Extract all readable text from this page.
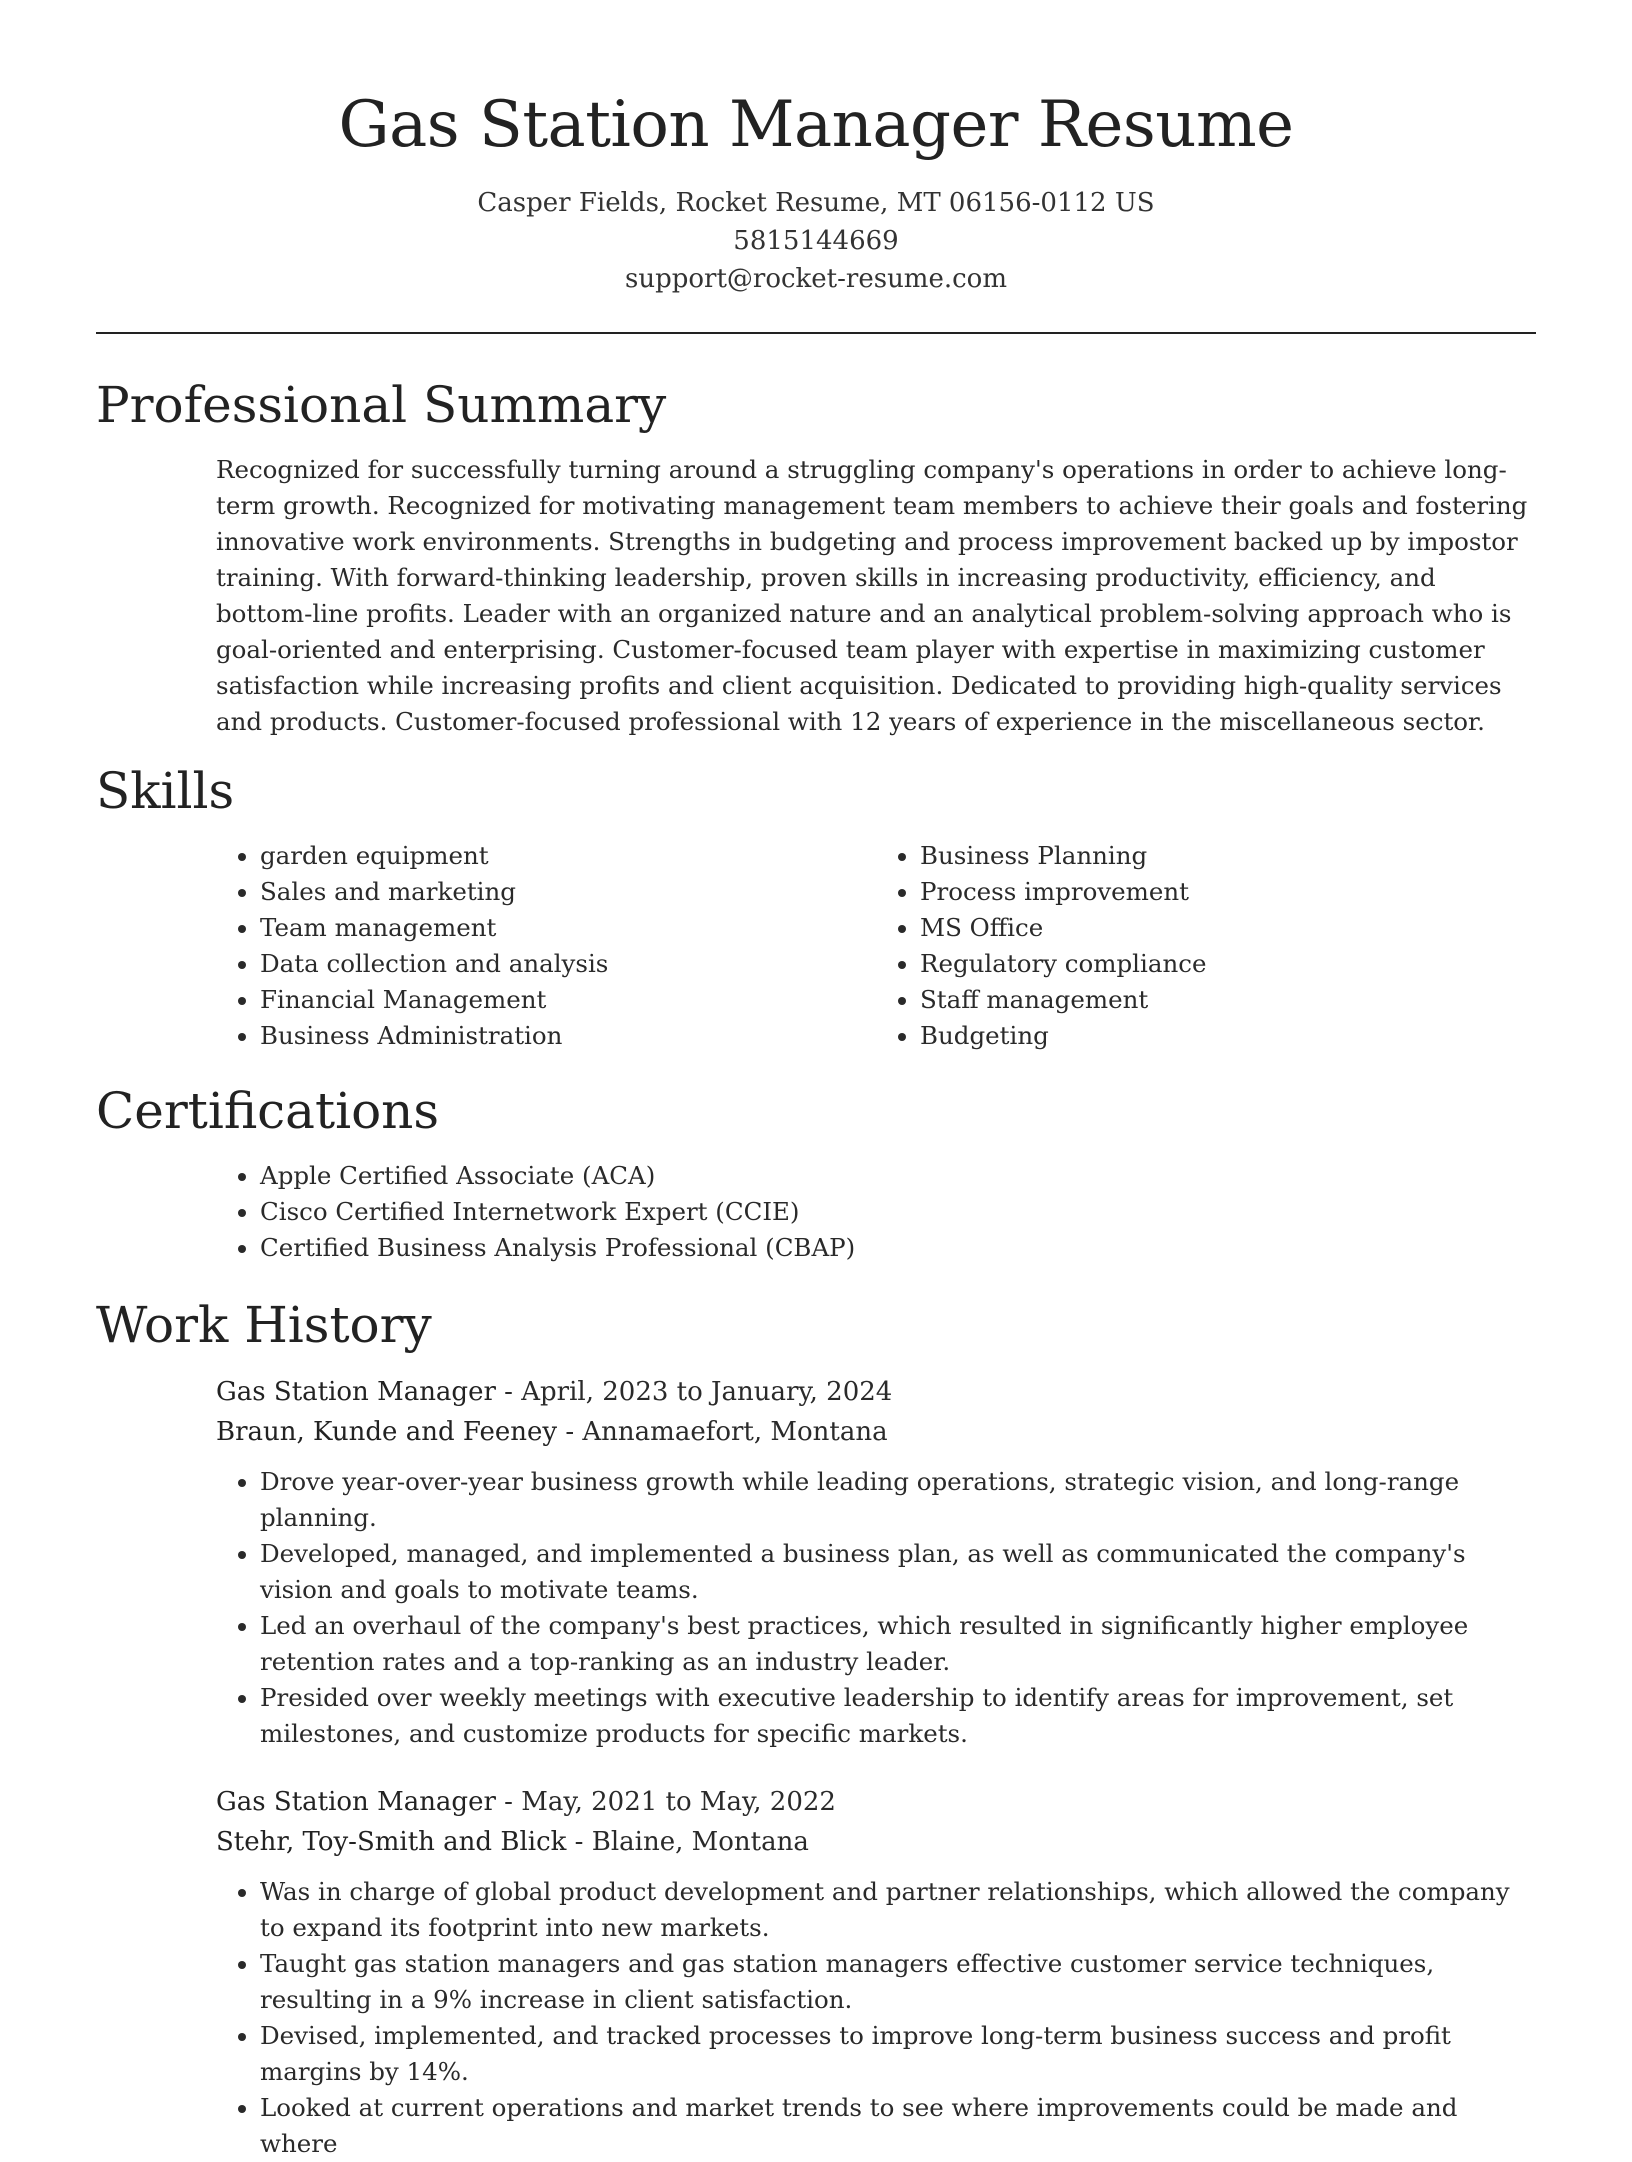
Gas Station Manager Resume
Casper Fields, Rocket Resume, MT 06156-0112 US
5815144669
support@rocket-resume.com
Professional Summary
Recognized for successfully turning around a struggling company's operations in order to achieve long-term growth. Recognized for motivating management team members to achieve their goals and fostering innovative work environments. Strengths in budgeting and process improvement backed up by impostor training. With forward-thinking leadership, proven skills in increasing productivity, efficiency, and bottom-line profits. Leader with an organized nature and an analytical problem-solving approach who is goal-oriented and enterprising. Customer-focused team player with expertise in maximizing customer satisfaction while increasing profits and client acquisition. Dedicated to providing high-quality services and products. Customer-focused professional with 12 years of experience in the miscellaneous sector.
Skills
• garden equipment
• Sales and marketing
• Team management
• Data collection and analysis
• Financial Management
• Business Administration
• Business Planning
• Process improvement
• MS Office
• Regulatory compliance
• Staff management
• Budgeting
Certifications
• Apple Certified Associate (ACA)
• Cisco Certified Internetwork Expert (CCIE)
• Certified Business Analysis Professional (CBAP)
Work History
Gas Station Manager - April, 2023 to January, 2024
Braun, Kunde and Feeney - Annamaefort, Montana
• Drove year-over-year business growth while leading operations, strategic vision, and long-range planning.
• Developed, managed, and implemented a business plan, as well as communicated the company's vision and goals to motivate teams.
• Led an overhaul of the company's best practices, which resulted in significantly higher employee retention rates and a top-ranking as an industry leader.
• Presided over weekly meetings with executive leadership to identify areas for improvement, set milestones, and customize products for specific markets.
Gas Station Manager - May, 2021 to May, 2022
Stehr, Toy-Smith and Blick - Blaine, Montana
• Was in charge of global product development and partner relationships, which allowed the company to expand its footprint into new markets.
• Taught gas station managers and gas station managers effective customer service techniques, resulting in a 9% increase in client satisfaction.
• Devised, implemented, and tracked processes to improve long-term business success and profit margins by 14%.
• Looked at current operations and market trends to see where improvements could be made and where
